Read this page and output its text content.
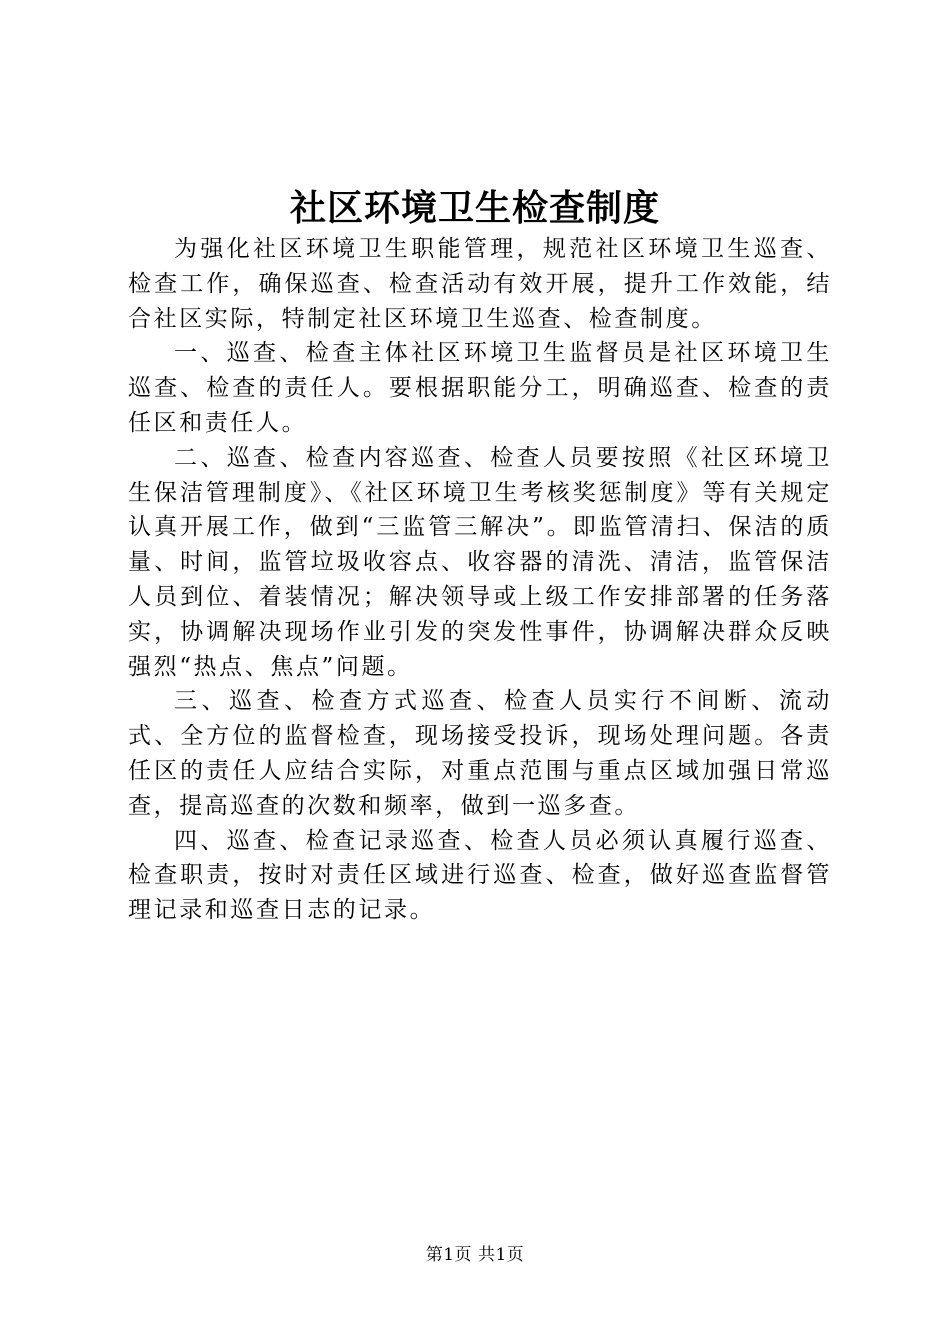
社区环境卫生检查制度

为强化社区环境卫生职能管理，规范社区环境卫生巡查、检查工作，确保巡查、检查活动有效开展，提升工作效能，结合社区实际，特制定社区环境卫生巡查、检查制度。

一、巡查、检查主体社区环境卫生监督员是社区环境卫生巡查、检查的责任人。要根据职能分工，明确巡查、检查的责任区和责任人。

二、巡查、检查内容巡查、检查人员要按照《社区环境卫生保洁管理制度》、《社区环境卫生考核奖惩制度》等有关规定认真开展工作，做到“三监管三解决”。即监管清扫、保洁的质量、时间，监管垃圾收容点、收容器的清洗、清洁，监管保洁人员到位、着装情况；解决领导或上级工作安排部署的任务落实，协调解决现场作业引发的突发性事件，协调解决群众反映强烈“热点、焦点”问题。

三、巡查、检查方式巡查、检查人员实行不间断、流动式、全方位的监督检查，现场接受投诉，现场处理问题。各责任区的责任人应结合实际，对重点范围与重点区域加强日常巡查，提高巡查的次数和频率，做到一巡多查。

四、巡查、检查记录巡查、检查人员必须认真履行巡查、检查职责，按时对责任区域进行巡查、检查，做好巡查监督管理记录和巡查日志的记录。

第1页 共1页
